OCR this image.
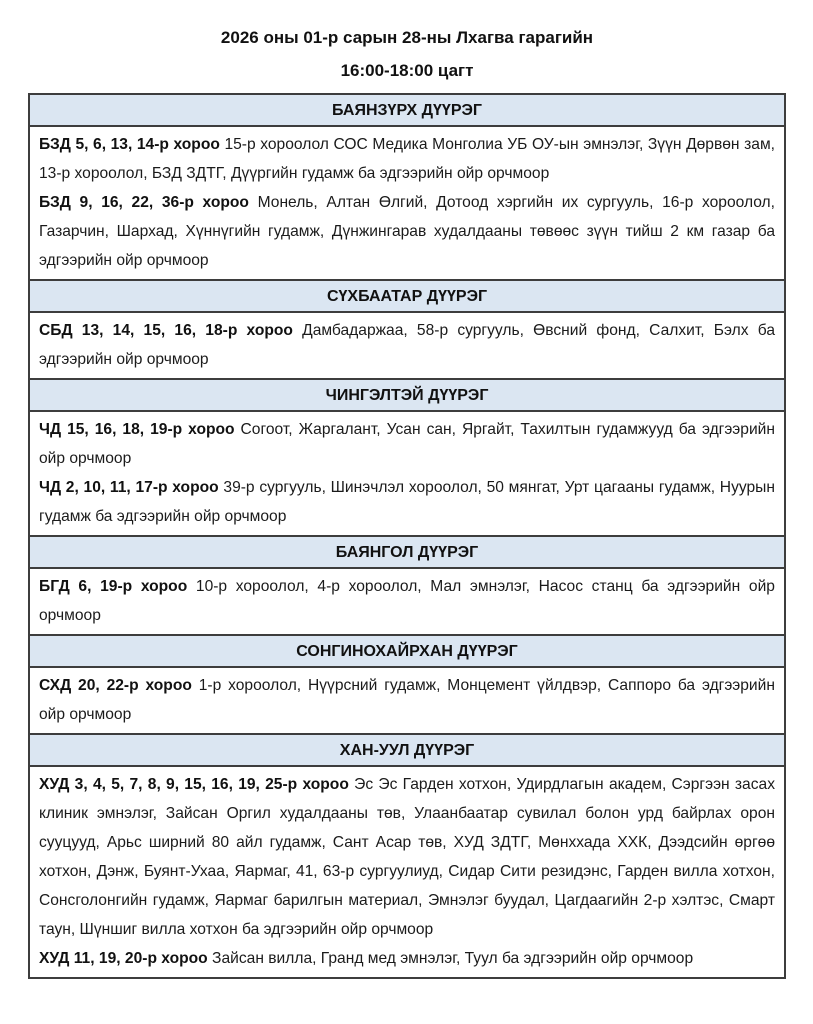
2026 оны 01-р сарын 28-ны Лхагва гарагийн
16:00-18:00 цагт
БАЯНЗҮРХ ДҮҮРЭГ

БЗД 5, 6, 13, 14-р хороо 15-р хороолол СОС Медика Монголиа УБ ОУ-ын эмнэлэг, Зүүн Дөрвөн зам, 13-р хороолол, БЗД ЗДТГ, Дүүргийн гудамж ба эдгээрийн ойр орчмоор

БЗД 9, 16, 22, 36-р хороо Монель, Алтан Өлгий, Дотоод хэргийн их сургууль, 16-р хороолол, Газарчин, Шархад, Хүннүгийн гудамж, Дүнжингарав худалдааны төвөөс зүүн тийш 2 км газар ба эдгээрийн ойр орчмоор

СҮХБААТАР ДҮҮРЭГ

СБД 13, 14, 15, 16, 18-р хороо Дамбадаржаа, 58-р сургууль, Өвсний фонд, Салхит, Бэлх ба эдгээрийн ойр орчмоор

ЧИНГЭЛТЭЙ ДҮҮРЭГ

ЧД 15, 16, 18, 19-р хороо Согоот, Жаргалант, Усан сан, Яргайт, Тахилтын гудамжууд ба эдгээрийн ойр орчмоор

ЧД 2, 10, 11, 17-р хороо 39-р сургууль, Шинэчлэл хороолол, 50 мянгат, Урт цагааны гудамж, Нуурын гудамж ба эдгээрийн ойр орчмоор

БАЯНГОЛ ДҮҮРЭГ

БГД 6, 19-р хороо 10-р хороолол, 4-р хороолол, Мал эмнэлэг, Насос станц ба эдгээрийн ойр орчмоор

СОНГИНОХАЙРХАН ДҮҮРЭГ

СХД 20, 22-р хороо 1-р хороолол, Нүүрсний гудамж, Монцемент үйлдвэр, Саппоро ба эдгээрийн ойр орчмоор

ХАН-УУЛ ДҮҮРЭГ

ХУД 3, 4, 5, 7, 8, 9, 15, 16, 19, 25-р хороо Эс Эс Гарден хотхон, Удирдлагын академ, Сэргээн засах клиник эмнэлэг, Зайсан Оргил худалдааны төв, Улаанбаатар сувилал болон урд байрлах орон сууцууд, Арьс ширний 80 айл гудамж, Сант Асар төв, ХУД ЗДТГ, Мөнххада ХХК, Дээдсийн өргөө хотхон, Дэнж, Буянт-Ухаа, Яармаг, 41, 63-р сургуулиуд, Сидар Сити резидэнс, Гарден вилла хотхон, Сонсголонгийн гудамж, Яармаг барилгын материал, Эмнэлэг буудал, Цагдаагийн 2-р хэлтэс, Смарт таун, Шүншиг вилла хотхон ба эдгээрийн ойр орчмоор

ХУД 11, 19, 20-р хороо Зайсан вилла, Гранд мед эмнэлэг, Туул ба эдгээрийн ойр орчмоор
